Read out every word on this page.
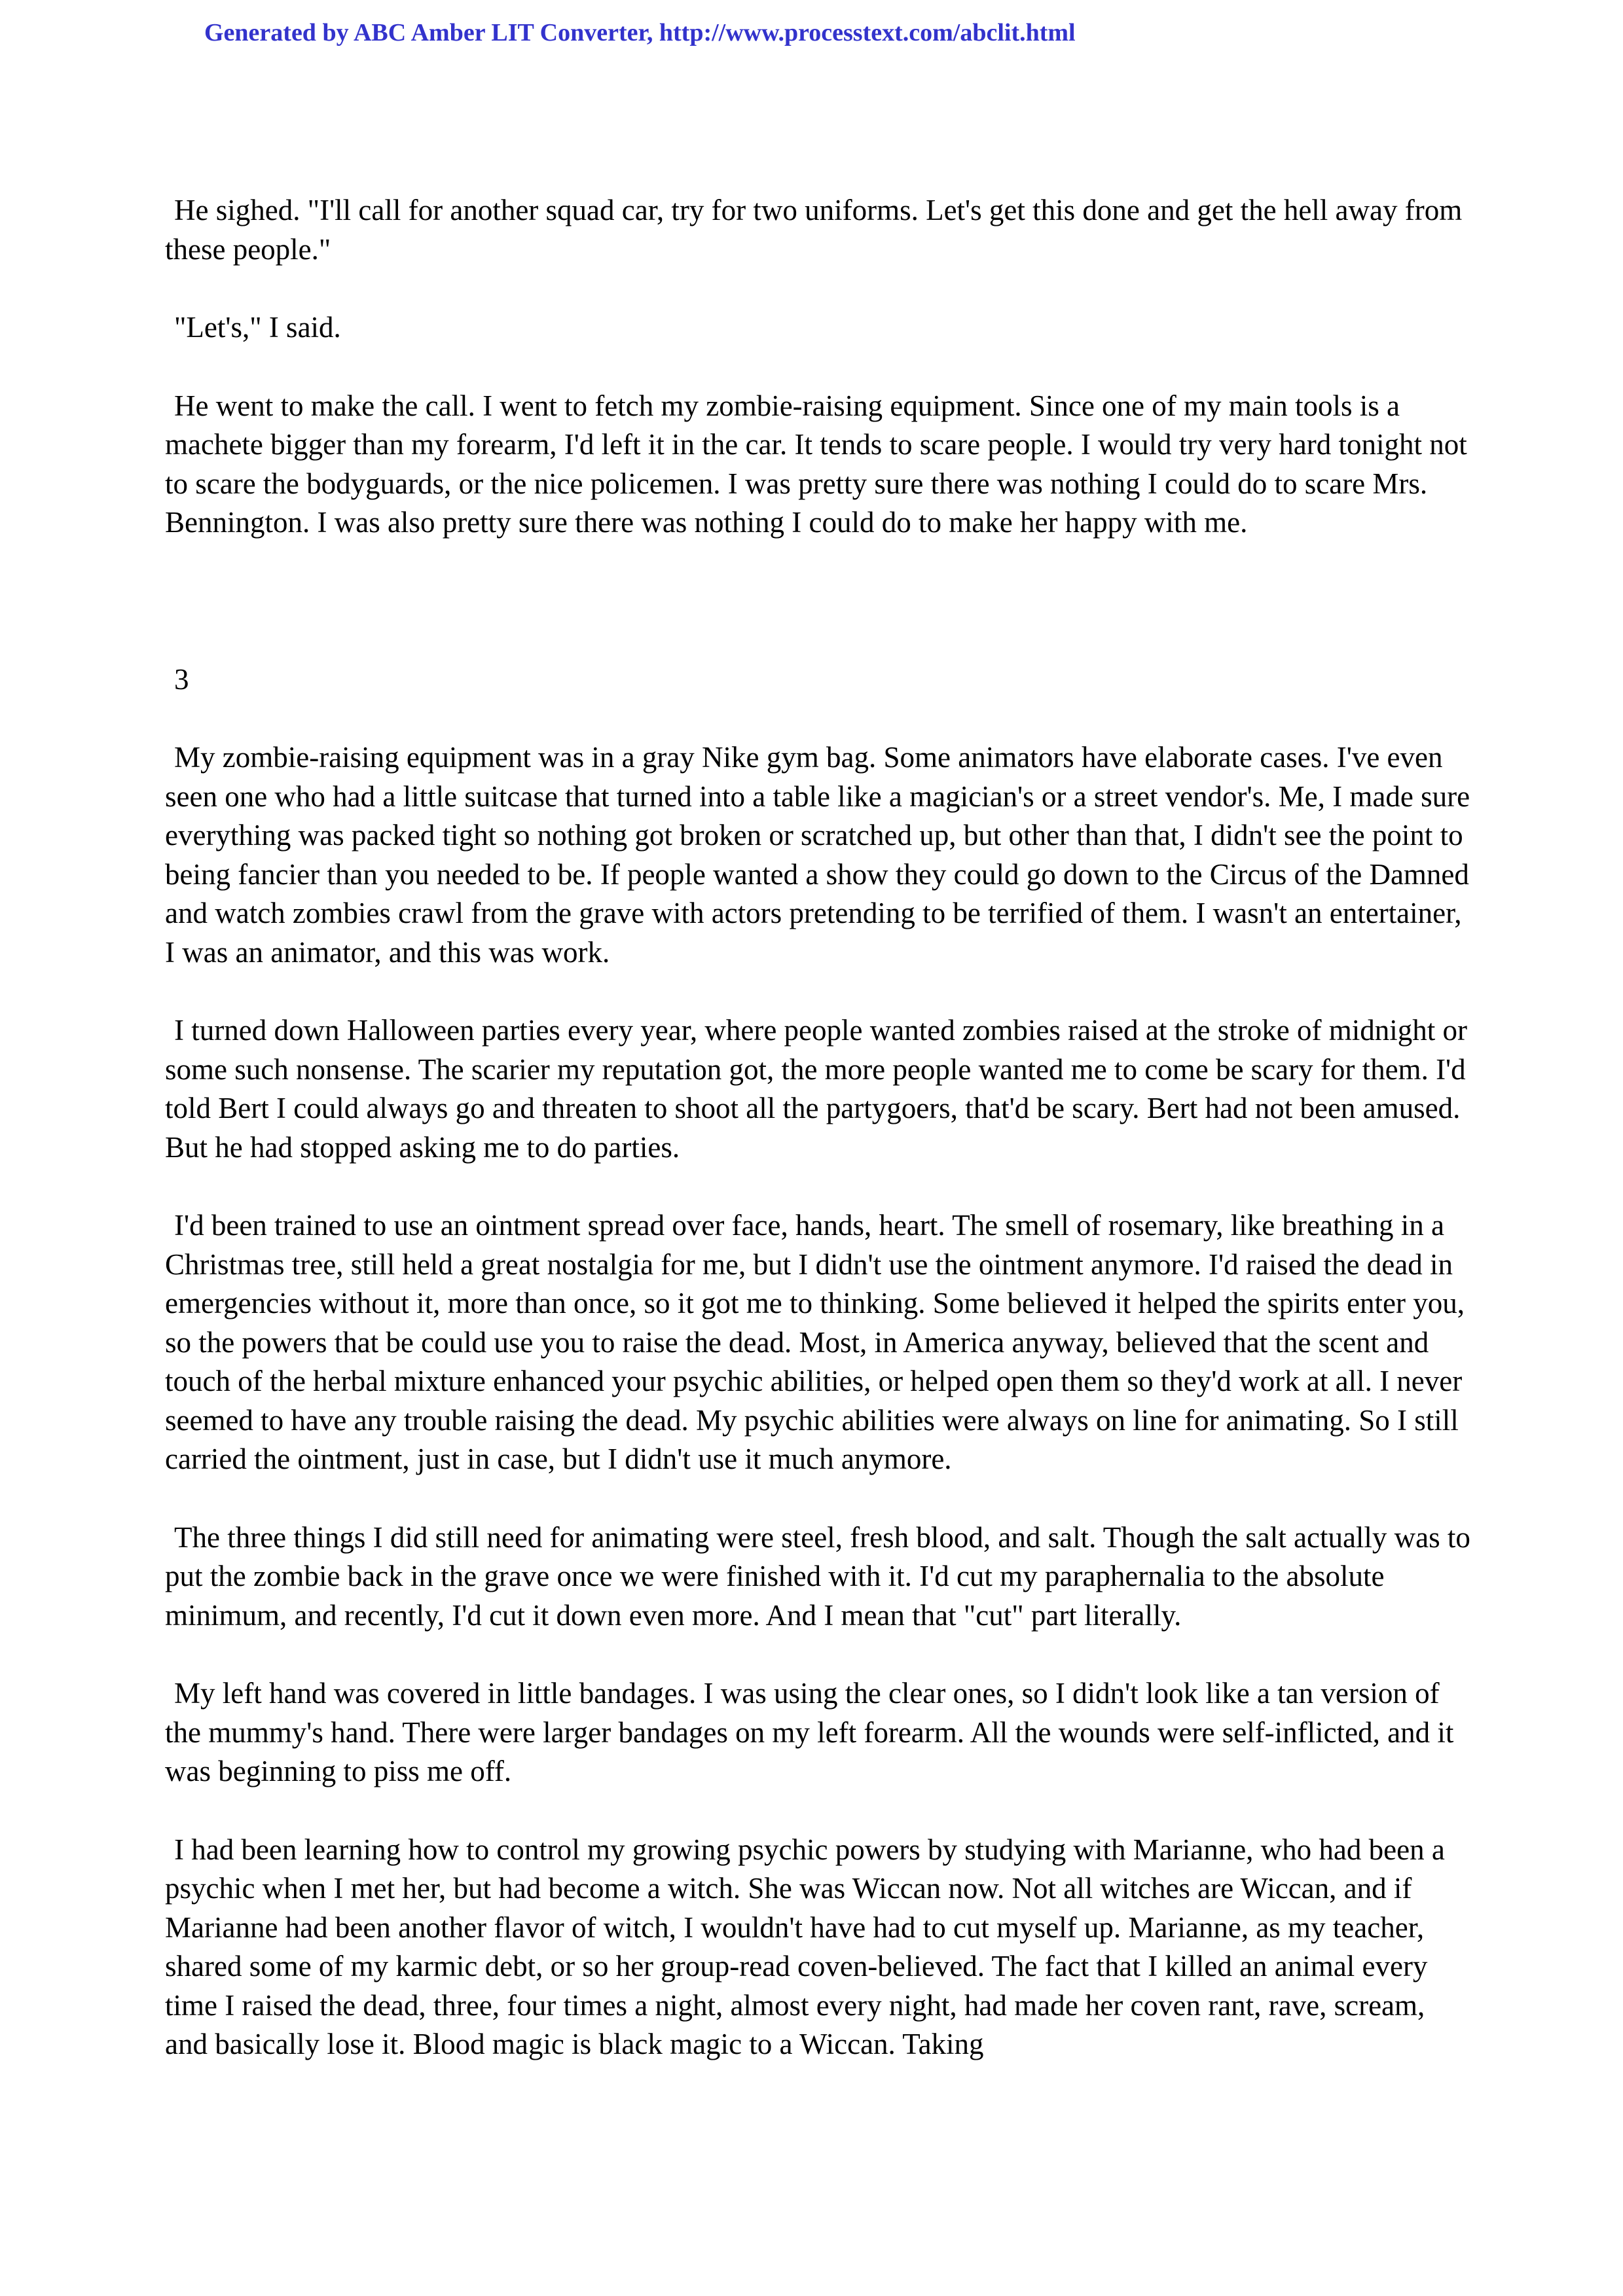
Generated by ABC Amber LIT Converter, http://www.processtext.com/abclit.html

He sighed. "I'll call for another squad car, try for two uniforms. Let's get this done and get the hell away from these people."

"Let's," I said.

He went to make the call. I went to fetch my zombie-raising equipment. Since one of my main tools is a machete bigger than my forearm, I'd left it in the car. It tends to scare people. I would try very hard tonight not to scare the bodyguards, or the nice policemen. I was pretty sure there was nothing I could do to scare Mrs. Bennington. I was also pretty sure there was nothing I could do to make her happy with me.

3

My zombie-raising equipment was in a gray Nike gym bag. Some animators have elaborate cases. I've even seen one who had a little suitcase that turned into a table like a magician's or a street vendor's. Me, I made sure everything was packed tight so nothing got broken or scratched up, but other than that, I didn't see the point to being fancier than you needed to be. If people wanted a show they could go down to the Circus of the Damned and watch zombies crawl from the grave with actors pretending to be terrified of them. I wasn't an entertainer, I was an animator, and this was work.

I turned down Halloween parties every year, where people wanted zombies raised at the stroke of midnight or some such nonsense. The scarier my reputation got, the more people wanted me to come be scary for them. I'd told Bert I could always go and threaten to shoot all the partygoers, that'd be scary. Bert had not been amused. But he had stopped asking me to do parties.

I'd been trained to use an ointment spread over face, hands, heart. The smell of rosemary, like breathing in a Christmas tree, still held a great nostalgia for me, but I didn't use the ointment anymore. I'd raised the dead in emergencies without it, more than once, so it got me to thinking. Some believed it helped the spirits enter you, so the powers that be could use you to raise the dead. Most, in America anyway, believed that the scent and touch of the herbal mixture enhanced your psychic abilities, or helped open them so they'd work at all. I never seemed to have any trouble raising the dead. My psychic abilities were always on line for animating. So I still carried the ointment, just in case, but I didn't use it much anymore.

The three things I did still need for animating were steel, fresh blood, and salt. Though the salt actually was to put the zombie back in the grave once we were finished with it. I'd cut my paraphernalia to the absolute minimum, and recently, I'd cut it down even more. And I mean that "cut" part literally.

My left hand was covered in little bandages. I was using the clear ones, so I didn't look like a tan version of the mummy's hand. There were larger bandages on my left forearm. All the wounds were self-inflicted, and it was beginning to piss me off.

I had been learning how to control my growing psychic powers by studying with Marianne, who had been a psychic when I met her, but had become a witch. She was Wiccan now. Not all witches are Wiccan, and if Marianne had been another flavor of witch, I wouldn't have had to cut myself up. Marianne, as my teacher, shared some of my karmic debt, or so her group-read coven-believed. The fact that I killed an animal every time I raised the dead, three, four times a night, almost every night, had made her coven rant, rave, scream, and basically lose it. Blood magic is black magic to a Wiccan. Taking
